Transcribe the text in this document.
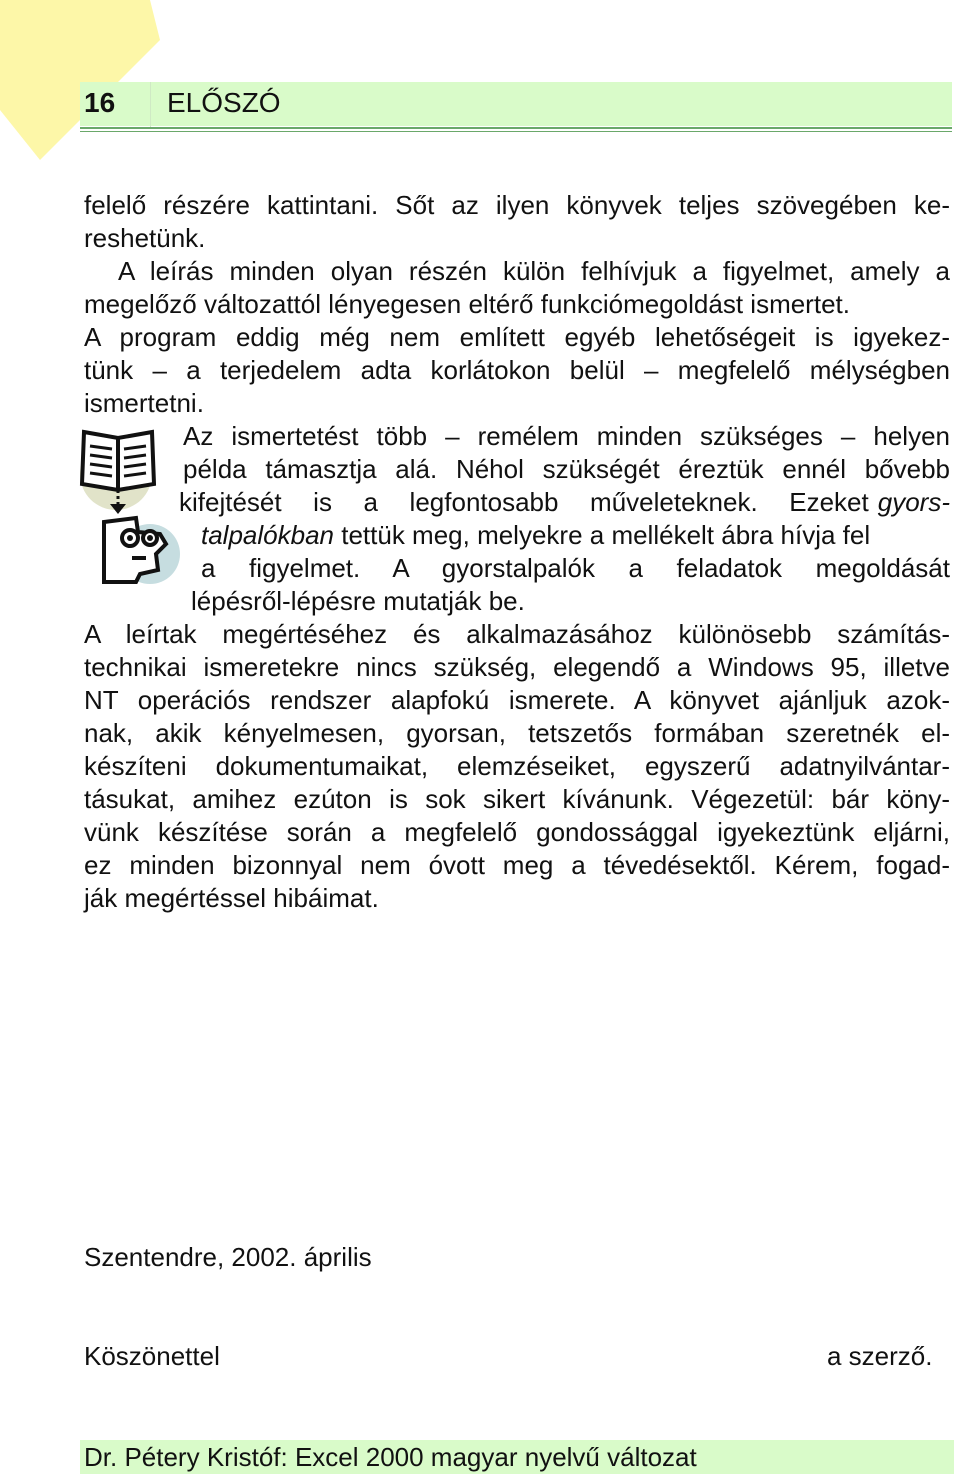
16 ELŐSZÓ
felelő részére kattintani. Sőt az ilyen könyvek teljes szövegében ke-
reshetünk.
A leírás minden olyan részén külön felhívjuk a figyelmet, amely a
megelőző változattól lényegesen eltérő funkciómegoldást ismertet.
A program eddig még nem említett egyéb lehetőségeit is igyekez-
tünk – a terjedelem adta korlátokon belül – megfelelő mélységben
ismertetni.
Az ismertetést több – remélem minden szükséges – helyen
példa támasztja alá. Néhol szükségét éreztük ennél bővebb
kifejtését is a legfontosabb műveleteknek. Ezeket gyors-
talpalókban tettük meg, melyekre a mellékelt ábra hívja fel
a figyelmet. A gyorstalpalók a feladatok megoldását
lépésről-lépésre mutatják be.
A leírtak megértéséhez és alkalmazásához különösebb számítás-
technikai ismeretekre nincs szükség, elegendő a Windows 95, illetve
NT operációs rendszer alapfokú ismerete. A könyvet ajánljuk azok-
nak, akik kényelmesen, gyorsan, tetszetős formában szeretnék el-
készíteni dokumentumaikat, elemzéseiket, egyszerű adatnyilvántar-
tásukat, amihez ezúton is sok sikert kívánunk. Végezetül: bár köny-
vünk készítése során a megfelelő gondossággal igyekeztünk eljárni,
ez minden bizonnyal nem óvott meg a tévedésektől. Kérem, fogad-
ják megértéssel hibáimat.
Szentendre, 2002. április
Köszönettel	a szerző.
Dr. Pétery Kristóf: Excel 2000 magyar nyelvű változat
